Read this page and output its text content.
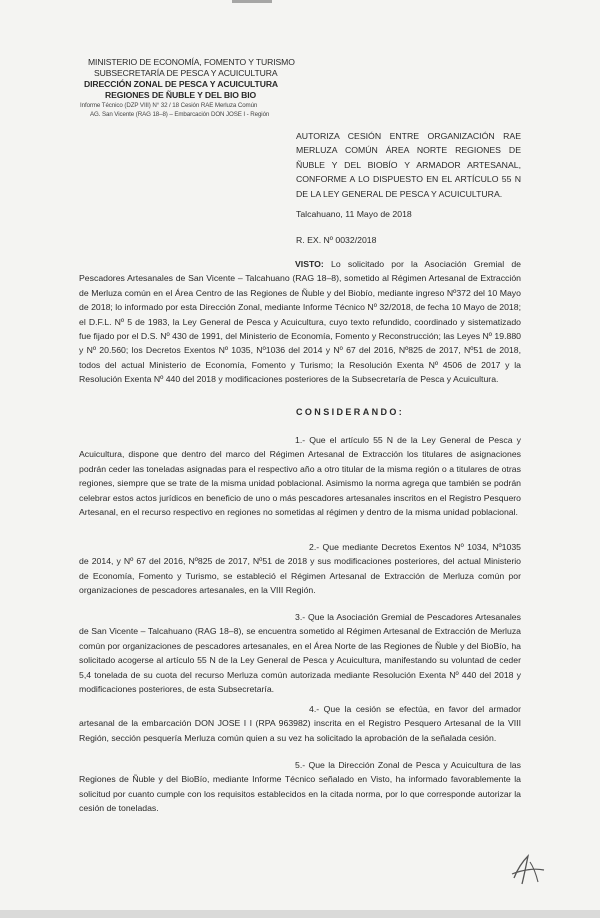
MINISTERIO DE ECONOMÍA, FOMENTO Y TURISMO
SUBSECRETARÍA DE PESCA Y ACUICULTURA
DIRECCIÓN ZONAL DE PESCA Y ACUICULTURA
REGIONES DE ÑUBLE Y DEL BIO BIO
Informe Técnico (DZP VIII) N° 32 / 18 Cesión RAE Merluza Común
AG. San Vicente (RAG 18–8) – Embarcación DON JOSE I - Región
AUTORIZA CESIÓN ENTRE ORGANIZACIÓN RAE MERLUZA COMÚN ÁREA NORTE REGIONES DE ÑUBLE Y DEL BIOBÍO Y ARMADOR ARTESANAL, CONFORME A LO DISPUESTO EN EL ARTÍCULO 55 N DE LA LEY GENERAL DE PESCA Y ACUICULTURA.
Talcahuano, 11 Mayo de 2018
R. EX. Nº 0032/2018
VISTO: Lo solicitado por la Asociación Gremial de Pescadores Artesanales de San Vicente – Talcahuano (RAG 18–8), sometido al Régimen Artesanal de Extracción de Merluza común en el Área Centro de las Regiones de Ñuble y del Biobío, mediante ingreso Nº372 del 10 Mayo de 2018; lo informado por esta Dirección Zonal, mediante Informe Técnico Nº 32/2018, de fecha 10 Mayo de 2018; el D.F.L. Nº 5 de 1983, la Ley General de Pesca y Acuicultura, cuyo texto refundido, coordinado y sistematizado fue fijado por el D.S. Nº 430 de 1991, del Ministerio de Economía, Fomento y Reconstrucción; las Leyes Nº 19.880 y Nº 20.560; los Decretos Exentos Nº 1035, Nº1036 del 2014 y Nº 67 del 2016, Nº825 de 2017, Nº51 de 2018, todos del actual Ministerio de Economía, Fomento y Turismo; la Resolución Exenta Nº 4506 de 2017 y la Resolución Exenta Nº 440 del 2018 y modificaciones posteriores de la Subsecretaría de Pesca y Acuicultura.
CONSIDERANDO:
1.- Que el artículo 55 N de la Ley General de Pesca y Acuicultura, dispone que dentro del marco del Régimen Artesanal de Extracción los titulares de asignaciones podrán ceder las toneladas asignadas para el respectivo año a otro titular de la misma región o a titulares de otras regiones, siempre que se trate de la misma unidad poblacional. Asimismo la norma agrega que también se podrán celebrar estos actos jurídicos en beneficio de uno o más pescadores artesanales inscritos en el Registro Pesquero Artesanal, en el recurso respectivo en regiones no sometidas al régimen y dentro de la misma unidad poblacional.
2.- Que mediante Decretos Exentos Nº 1034, Nº1035 de 2014, y Nº 67 del 2016, Nº825 de 2017, Nº51 de 2018 y sus modificaciones posteriores, del actual Ministerio de Economía, Fomento y Turismo, se estableció el Régimen Artesanal de Extracción de Merluza común por organizaciones de pescadores artesanales, en la VIII Región.
3.- Que la Asociación Gremial de Pescadores Artesanales de San Vicente – Talcahuano (RAG 18–8), se encuentra sometido al Régimen Artesanal de Extracción de Merluza común por organizaciones de pescadores artesanales, en el Área Norte de las Regiones de Ñuble y del BioBío, ha solicitado acogerse al artículo 55 N de la Ley General de Pesca y Acuicultura, manifestando su voluntad de ceder 5,4 tonelada de su cuota del recurso Merluza común autorizada mediante Resolución Exenta Nº 440 del 2018 y modificaciones posteriores, de esta Subsecretaría.
4.- Que la cesión se efectúa, en favor del armador artesanal de la embarcación DON JOSE I I (RPA 963982) inscrita en el Registro Pesquero Artesanal de la VIII Región, sección pesquería Merluza común quien a su vez ha solicitado la aprobación de la señalada cesión.
5.- Que la Dirección Zonal de Pesca y Acuicultura de las Regiones de Ñuble y del BioBío, mediante Informe Técnico señalado en Visto, ha informado favorablemente la solicitud por cuanto cumple con los requisitos establecidos en la citada norma, por lo que corresponde autorizar la cesión de toneladas.
